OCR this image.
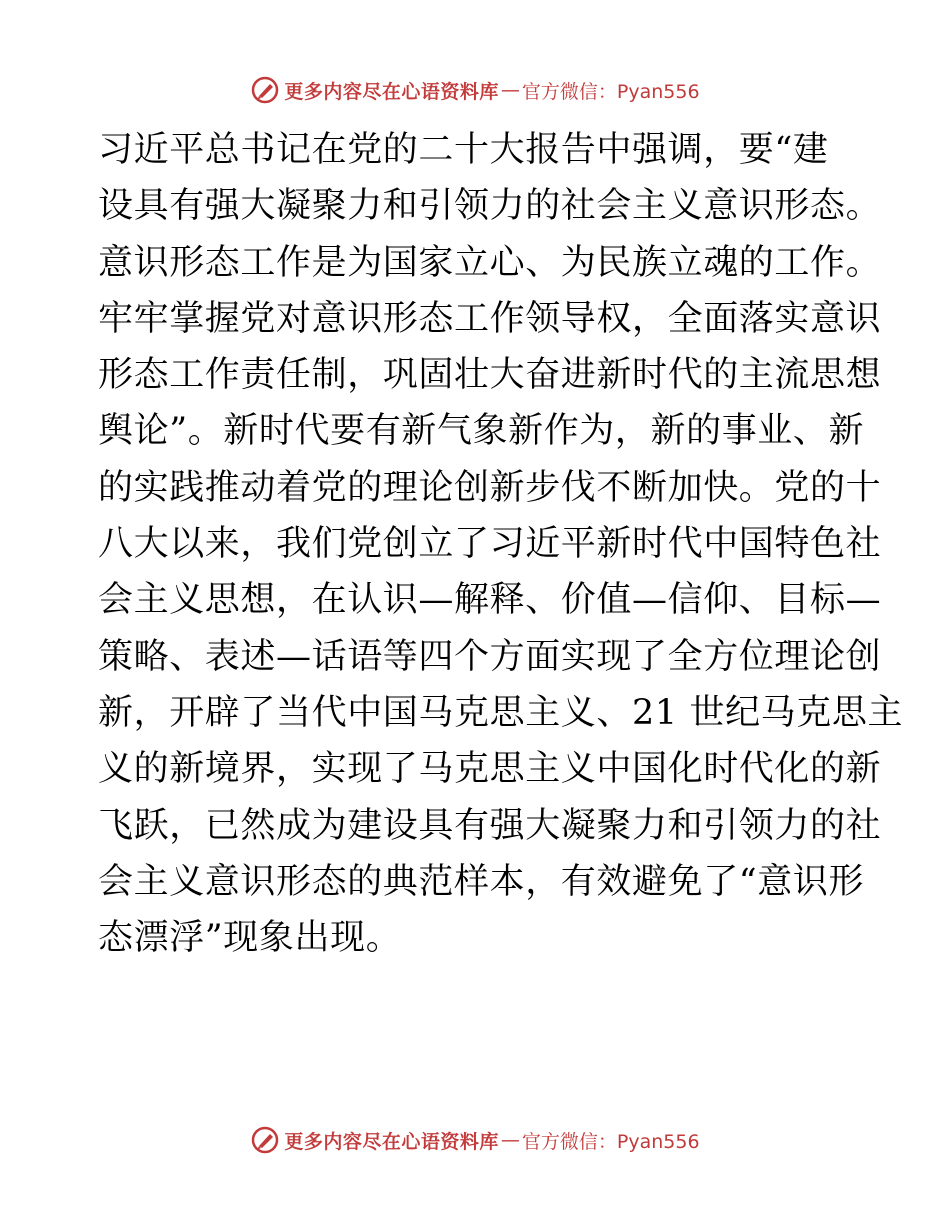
更多内容尽在心语资料库 — 官方微信：Pyan556
习近平总书记在党的二十大报告中强调，要“建
设具有强大凝聚力和引领力的社会主义意识形态。
意识形态工作是为国家立心、为民族立魂的工作。
牢牢掌握党对意识形态工作领导权，全面落实意识
形态工作责任制，巩固壮大奋进新时代的主流思想
舆论”。新时代要有新气象新作为，新的事业、新
的实践推动着党的理论创新步伐不断加快。党的十
八大以来，我们党创立了习近平新时代中国特色社
会主义思想，在认识—解释、价值—信仰、目标—
策略、表述—话语等四个方面实现了全方位理论创
新，开辟了当代中国马克思主义、21 世纪马克思主
义的新境界，实现了马克思主义中国化时代化的新
飞跃，已然成为建设具有强大凝聚力和引领力的社
会主义意识形态的典范样本，有效避免了“意识形
态漂浮”现象出现。
更多内容尽在心语资料库 — 官方微信：Pyan556
